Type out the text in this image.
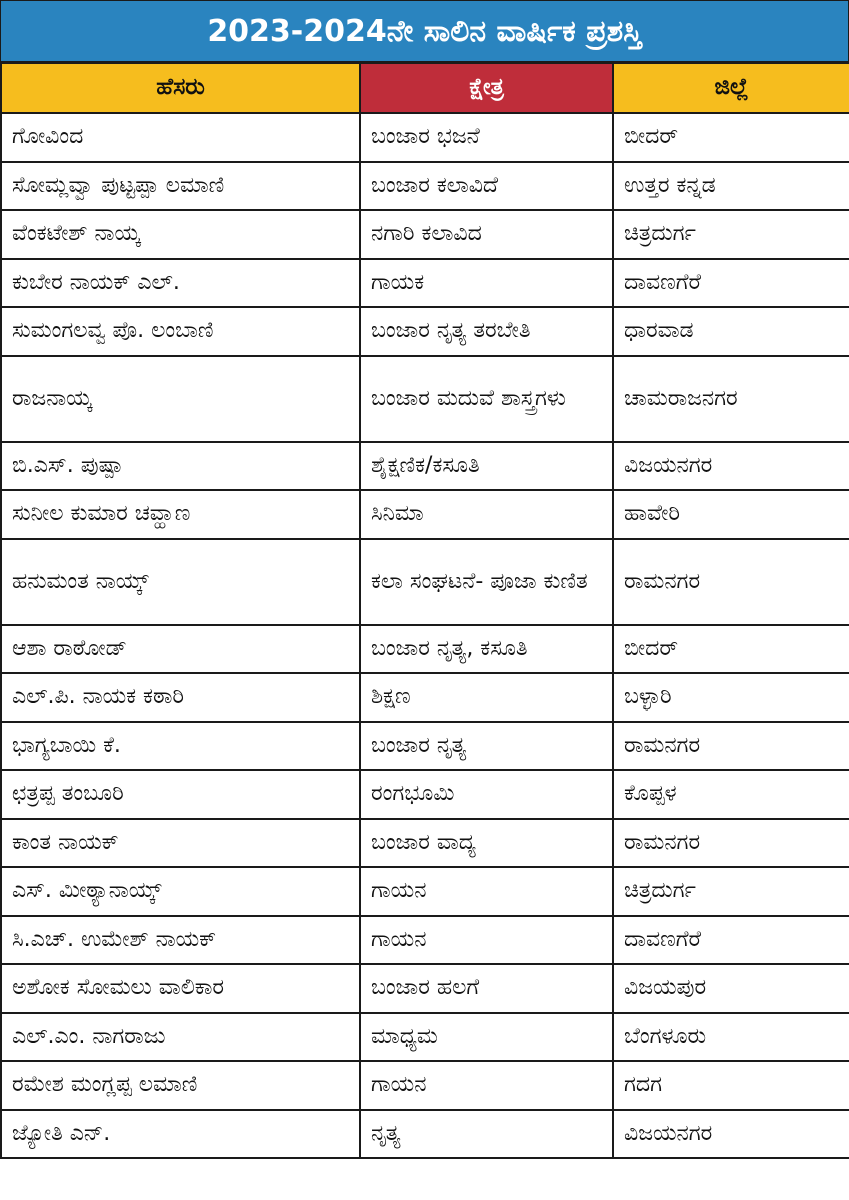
2023-2024ನೇ ಸಾಲಿನ ವಾರ್ಷಿಕ ಪ್ರಶಸ್ತಿ
ಹೆಸರು	ಕ್ಷೇತ್ರ	ಜಿಲ್ಲೆ
ಗೋವಿಂದ	ಬಂಜಾರ ಭಜನೆ	ಬೀದರ್
ಸೋಮ್ಲವ್ವಾ ಪುಟ್ಟಪ್ಪಾ ಲಮಾಣಿ	ಬಂಜಾರ ಕಲಾವಿದೆ	ಉತ್ತರ ಕನ್ನಡ
ವೆಂಕಟೇಶ್ ನಾಯ್ಕ	ನಗಾರಿ ಕಲಾವಿದ	ಚಿತ್ರದುರ್ಗ
ಕುಬೇರ ನಾಯಕ್ ಎಲ್.	ಗಾಯಕ	ದಾವಣಗೆರೆ
ಸುಮಂಗಲವ್ವ ಪೊ. ಲಂಬಾಣಿ	ಬಂಜಾರ ನೃತ್ಯ ತರಬೇತಿ	ಧಾರವಾಡ
ರಾಜನಾಯ್ಕ	ಬಂಜಾರ ಮದುವೆ ಶಾಸ್ತ್ರಗಳು	ಚಾಮರಾಜನಗರ
ಬಿ.ಎಸ್. ಪುಷ್ಪಾ	ಶೈಕ್ಷಣಿಕ/ಕಸೂತಿ	ವಿಜಯನಗರ
ಸುನೀಲ ಕುಮಾರ ಚವ್ಹಾಣ	ಸಿನಿಮಾ	ಹಾವೇರಿ
ಹನುಮಂತ ನಾಯ್ಕ್	ಕಲಾ ಸಂಘಟನೆ- ಪೂಜಾ ಕುಣಿತ	ರಾಮನಗರ
ಆಶಾ ರಾಠೋಡ್	ಬಂಜಾರ ನೃತ್ಯ, ಕಸೂತಿ	ಬೀದರ್
ಎಲ್.ಪಿ. ನಾಯಕ ಕಠಾರಿ	ಶಿಕ್ಷಣ	ಬಳ್ಳಾರಿ
ಭಾಗ್ಯಬಾಯಿ ಕೆ.	ಬಂಜಾರ ನೃತ್ಯ	ರಾಮನಗರ
ಛತ್ರಪ್ಪ ತಂಬೂರಿ	ರಂಗಭೂಮಿ	ಕೊಪ್ಪಳ
ಕಾಂತ ನಾಯಕ್	ಬಂಜಾರ ವಾದ್ಯ	ರಾಮನಗರ
ಎಸ್. ಮೀಠ್ಯಾನಾಯ್ಕ್	ಗಾಯನ	ಚಿತ್ರದುರ್ಗ
ಸಿ.ಎಚ್. ಉಮೇಶ್ ನಾಯಕ್	ಗಾಯನ	ದಾವಣಗೆರೆ
ಅಶೋಕ ಸೋಮಲು ವಾಲಿಕಾರ	ಬಂಜಾರ ಹಲಗೆ	ವಿಜಯಪುರ
ಎಲ್.ಎಂ. ನಾಗರಾಜು	ಮಾಧ್ಯಮ	ಬೆಂಗಳೂರು
ರಮೇಶ ಮಂಗ್ಲಪ್ಪ ಲಮಾಣಿ	ಗಾಯನ	ಗದಗ
ಜ್ಯೋತಿ ಎನ್.	ನೃತ್ಯ	ವಿಜಯನಗರ
